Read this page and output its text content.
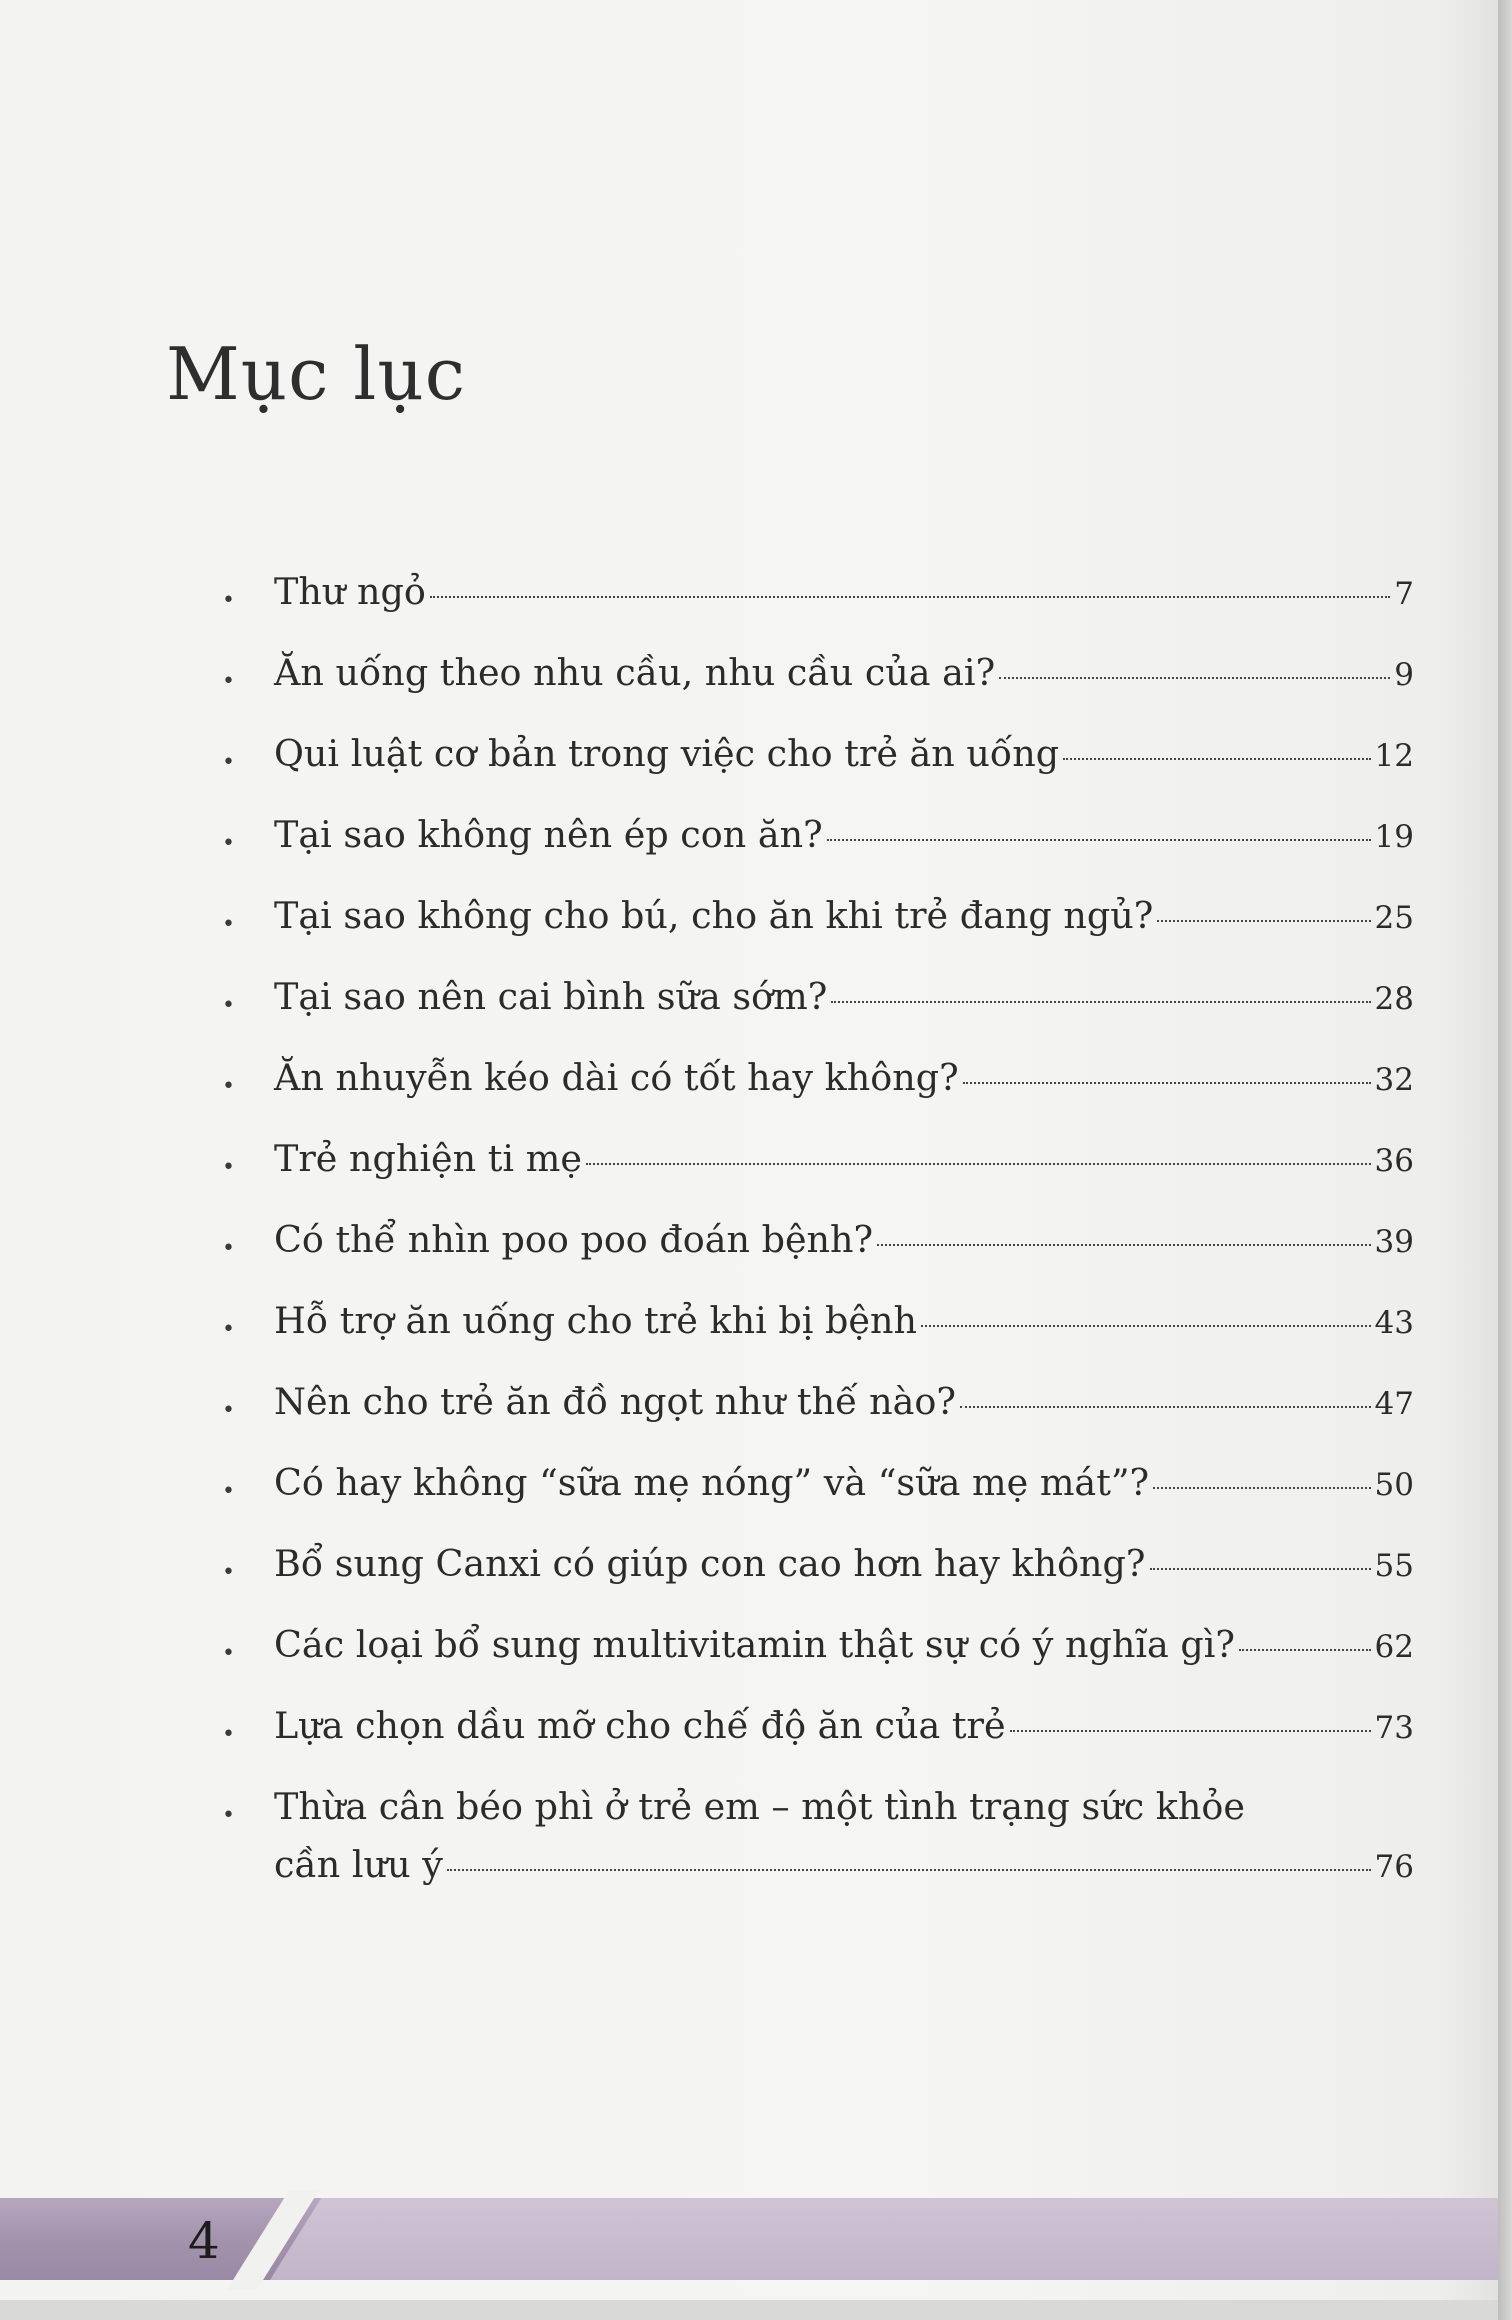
Mục lục
• Thư ngỏ	7
• Ăn uống theo nhu cầu, nhu cầu của ai?	9
• Qui luật cơ bản trong việc cho trẻ ăn uống	12
• Tại sao không nên ép con ăn?	19
• Tại sao không cho bú, cho ăn khi trẻ đang ngủ?	25
• Tại sao nên cai bình sữa sớm?	28
• Ăn nhuyễn kéo dài có tốt hay không?	32
• Trẻ nghiện ti mẹ	36
• Có thể nhìn poo poo đoán bệnh?	39
• Hỗ trợ ăn uống cho trẻ khi bị bệnh	43
• Nên cho trẻ ăn đồ ngọt như thế nào?	47
• Có hay không “sữa mẹ nóng” và “sữa mẹ mát”?	50
• Bổ sung Canxi có giúp con cao hơn hay không?	55
• Các loại bổ sung multivitamin thật sự có ý nghĩa gì?	62
• Lựa chọn dầu mỡ cho chế độ ăn của trẻ	73
• Thừa cân béo phì ở trẻ em – một tình trạng sức khỏe
cần lưu ý	76
4
